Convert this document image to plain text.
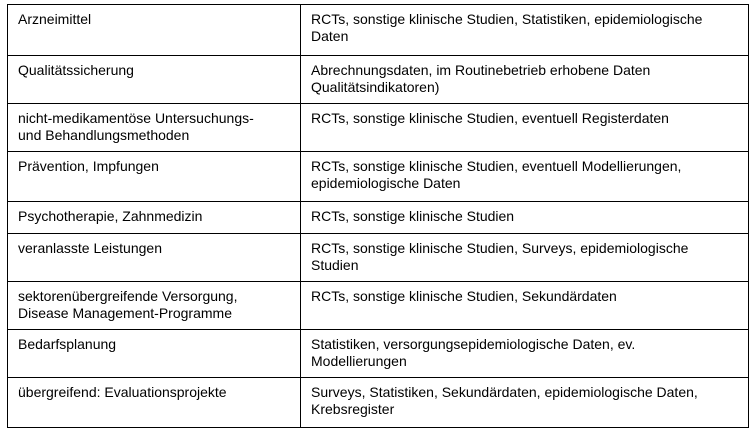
Arzneimittel	RCTs, sonstige klinische Studien, Statistiken, epidemiologische
Daten

Qualitätssicherung	Abrechnungsdaten, im Routinebetrieb erhobene Daten
Qualitätsindikatoren)

nicht-medikamentöse Untersuchungs-
und Behandlungsmethoden	RCTs, sonstige klinische Studien, eventuell Registerdaten

Prävention, Impfungen	RCTs, sonstige klinische Studien, eventuell Modellierungen,
epidemiologische Daten

Psychotherapie, Zahnmedizin	RCTs, sonstige klinische Studien

veranlasste Leistungen	RCTs, sonstige klinische Studien, Surveys, epidemiologische
Studien

sektorenübergreifende Versorgung,
Disease Management-Programme	RCTs, sonstige klinische Studien, Sekundärdaten

Bedarfsplanung	Statistiken, versorgungsepidemiologische Daten, ev.
Modellierungen

übergreifend: Evaluationsprojekte	Surveys, Statistiken, Sekundärdaten, epidemiologische Daten,
Krebsregister
